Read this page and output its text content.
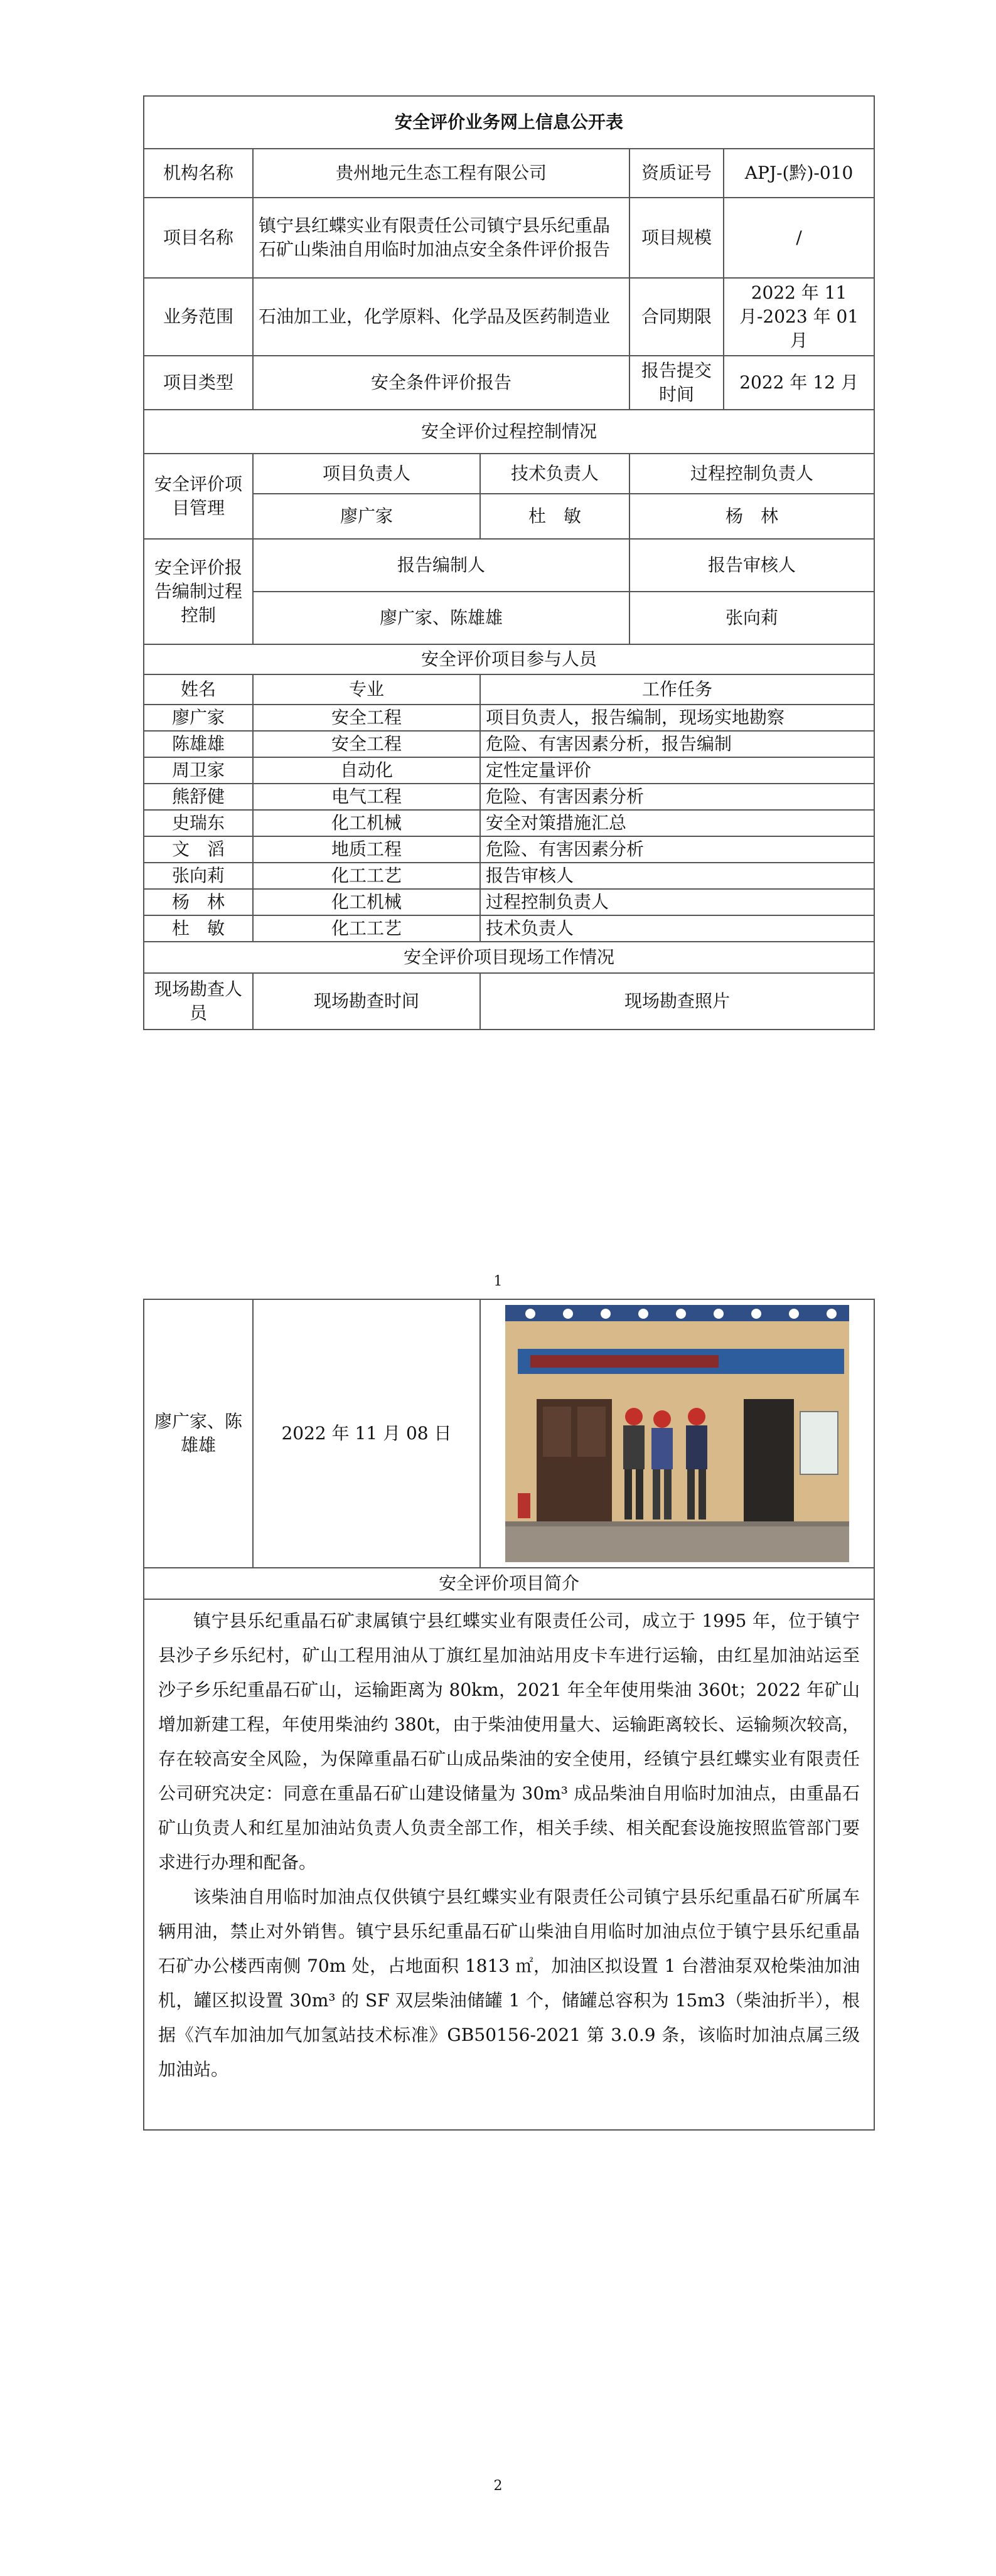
安全评价业务网上信息公开表				
机构名称	贵州地元生态工程有限公司		资质证号	APJ-(黔)-010
项目名称	镇宁县红蝶实业有限责任公司镇宁县乐纪重晶石矿山柴油自用临时加油点安全条件评价报告		项目规模	/
业务范围	石油加工业，化学原料、化学品及医药制造业		合同期限	2022 年 11 月-2023 年 01 月
项目类型	安全条件评价报告		报告提交时间	2022 年 12 月
安全评价过程控制情况				
安全评价项目管理	项目负责人	技术负责人	过程控制负责人	
	廖广家	杜　敏	杨　林	
安全评价报告编制过程控制	报告编制人		报告审核人	
	廖广家、陈雄雄		张向莉	
安全评价项目参与人员				
姓名	专业	工作任务		
廖广家	安全工程	项目负责人，报告编制，现场实地勘察		
陈雄雄	安全工程	危险、有害因素分析，报告编制		
周卫家	自动化	定性定量评价		
熊舒健	电气工程	危险、有害因素分析		
史瑞东	化工机械	安全对策措施汇总		
文　滔	地质工程	危险、有害因素分析		
张向莉	化工工艺	报告审核人		
杨　林	化工机械	过程控制负责人		
杜　敏	化工工艺	技术负责人		
安全评价项目现场工作情况				
现场勘查人员	现场勘查时间	现场勘查照片		
1
廖广家、陈雄雄	2022 年 11 月 08 日	

安全评价项目简介

镇宁县乐纪重晶石矿隶属镇宁县红蝶实业有限责任公司，成立于 1995 年，位于镇宁县沙子乡乐纪村，矿山工程用油从丁旗红星加油站用皮卡车进行运输，由红星加油站运至沙子乡乐纪重晶石矿山，运输距离为 80km，2021 年全年使用柴油 360t；2022 年矿山增加新建工程，年使用柴油约 380t，由于柴油使用量大、运输距离较长、运输频次较高，存在较高安全风险，为保障重晶石矿山成品柴油的安全使用，经镇宁县红蝶实业有限责任公司研究决定：同意在重晶石矿山建设储量为 30m³ 成品柴油自用临时加油点，由重晶石矿山负责人和红星加油站负责人负责全部工作，相关手续、相关配套设施按照监管部门要求进行办理和配备。

该柴油自用临时加油点仅供镇宁县红蝶实业有限责任公司镇宁县乐纪重晶石矿所属车辆用油，禁止对外销售。镇宁县乐纪重晶石矿山柴油自用临时加油点位于镇宁县乐纪重晶石矿办公楼西南侧 70m 处，占地面积 1813 ㎡，加油区拟设置 1 台潜油泵双枪柴油加油机，罐区拟设置 30m³ 的 SF 双层柴油储罐 1 个，储罐总容积为 15m3（柴油折半），根据《汽车加油加气加氢站技术标准》GB50156-2021 第 3.0.9 条，该临时加油点属三级加油站。

2
